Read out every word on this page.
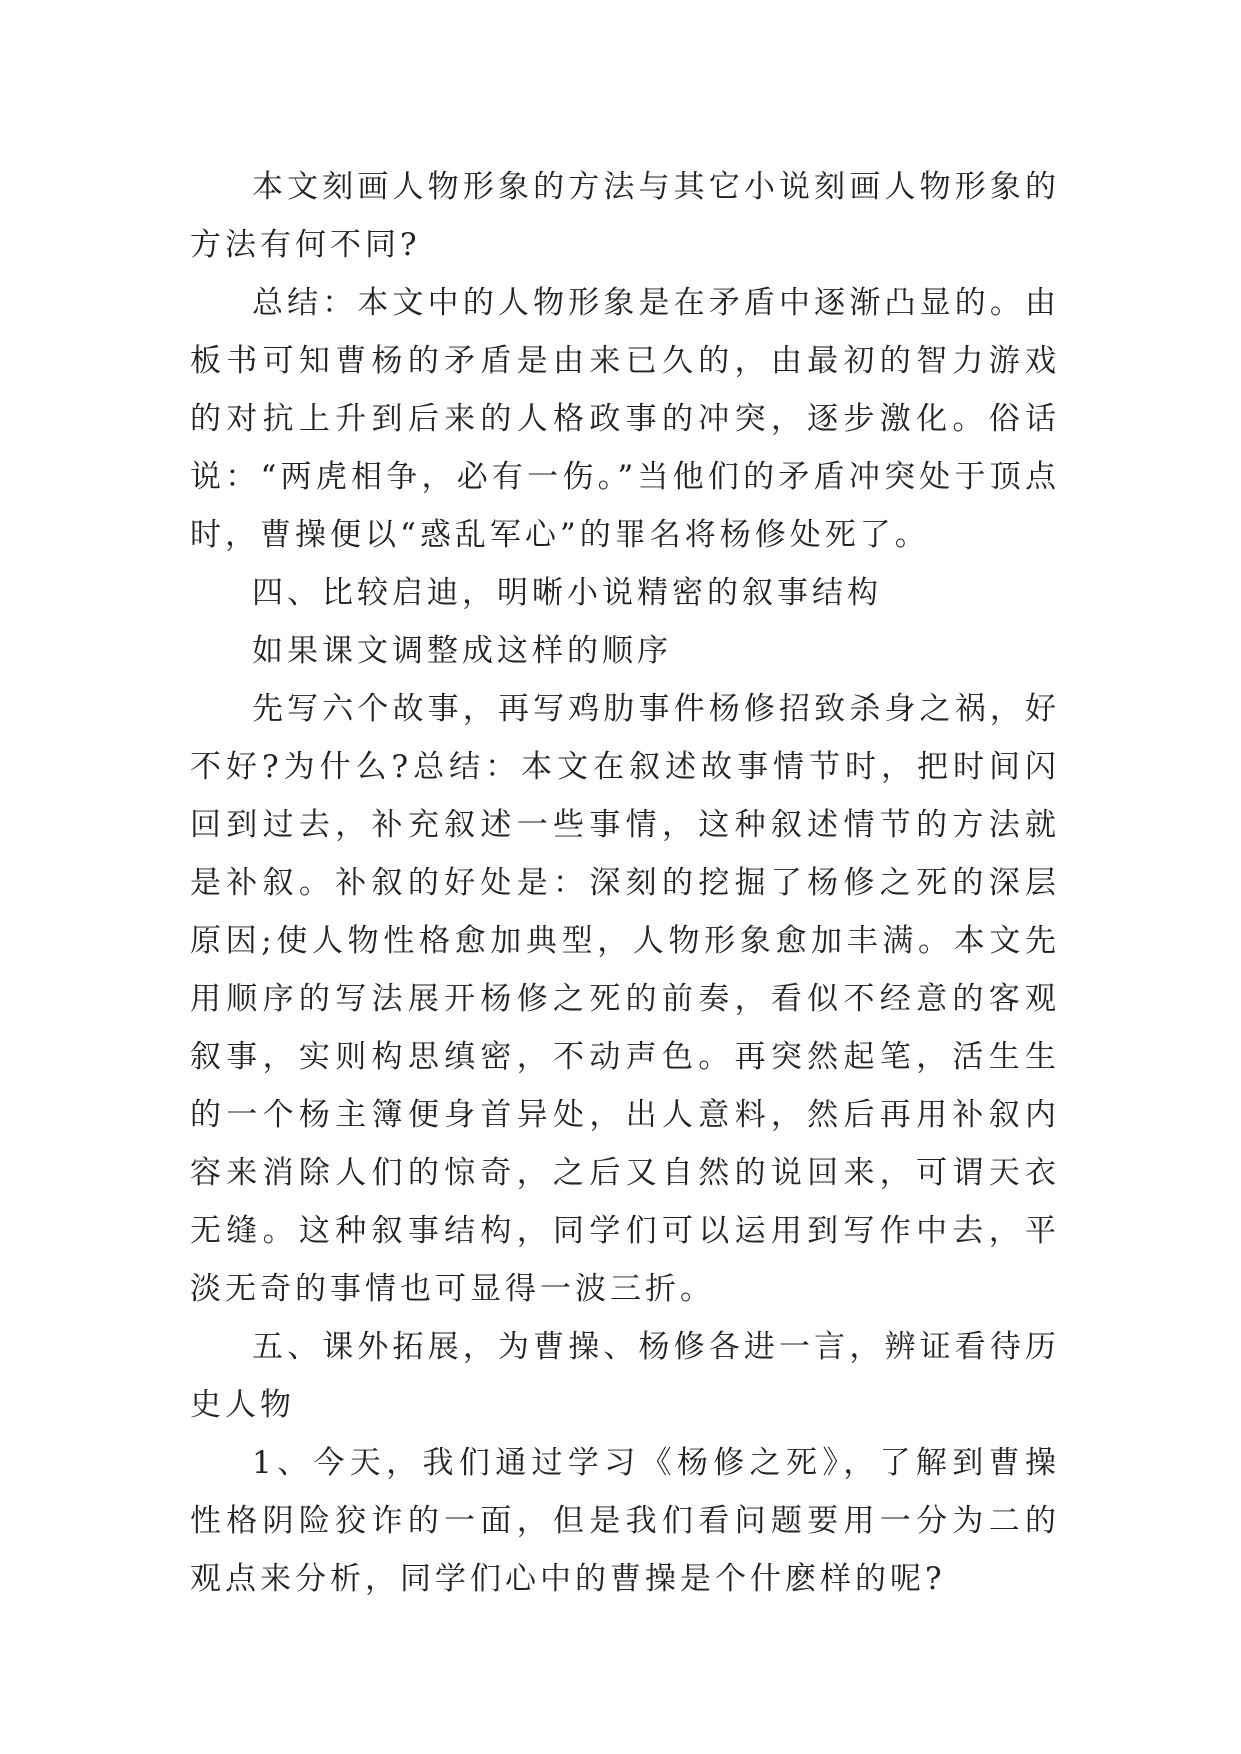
本文刻画人物形象的方法与其它小说刻画人物形象的方法有何不同?

总结：本文中的人物形象是在矛盾中逐渐凸显的。由板书可知曹杨的矛盾是由来已久的，由最初的智力游戏的对抗上升到后来的人格政事的冲突，逐步激化。俗话说：“两虎相争，必有一伤。”当他们的矛盾冲突处于顶点时，曹操便以“惑乱军心”的罪名将杨修处死了。

四、比较启迪，明晰小说精密的叙事结构

如果课文调整成这样的顺序

先写六个故事，再写鸡肋事件杨修招致杀身之祸，好不好?为什么?总结：本文在叙述故事情节时，把时间闪回到过去，补充叙述一些事情，这种叙述情节的方法就是补叙。补叙的好处是：深刻的挖掘了杨修之死的深层原因;使人物性格愈加典型，人物形象愈加丰满。本文先用顺序的写法展开杨修之死的前奏，看似不经意的客观叙事，实则构思缜密，不动声色。再突然起笔，活生生的一个杨主簿便身首异处，出人意料，然后再用补叙内容来消除人们的惊奇，之后又自然的说回来，可谓天衣无缝。这种叙事结构，同学们可以运用到写作中去，平淡无奇的事情也可显得一波三折。

五、课外拓展，为曹操、杨修各进一言，辨证看待历史人物

1、今天，我们通过学习《杨修之死》，了解到曹操性格阴险狡诈的一面，但是我们看问题要用一分为二的观点来分析，同学们心中的曹操是个什麽样的呢?
